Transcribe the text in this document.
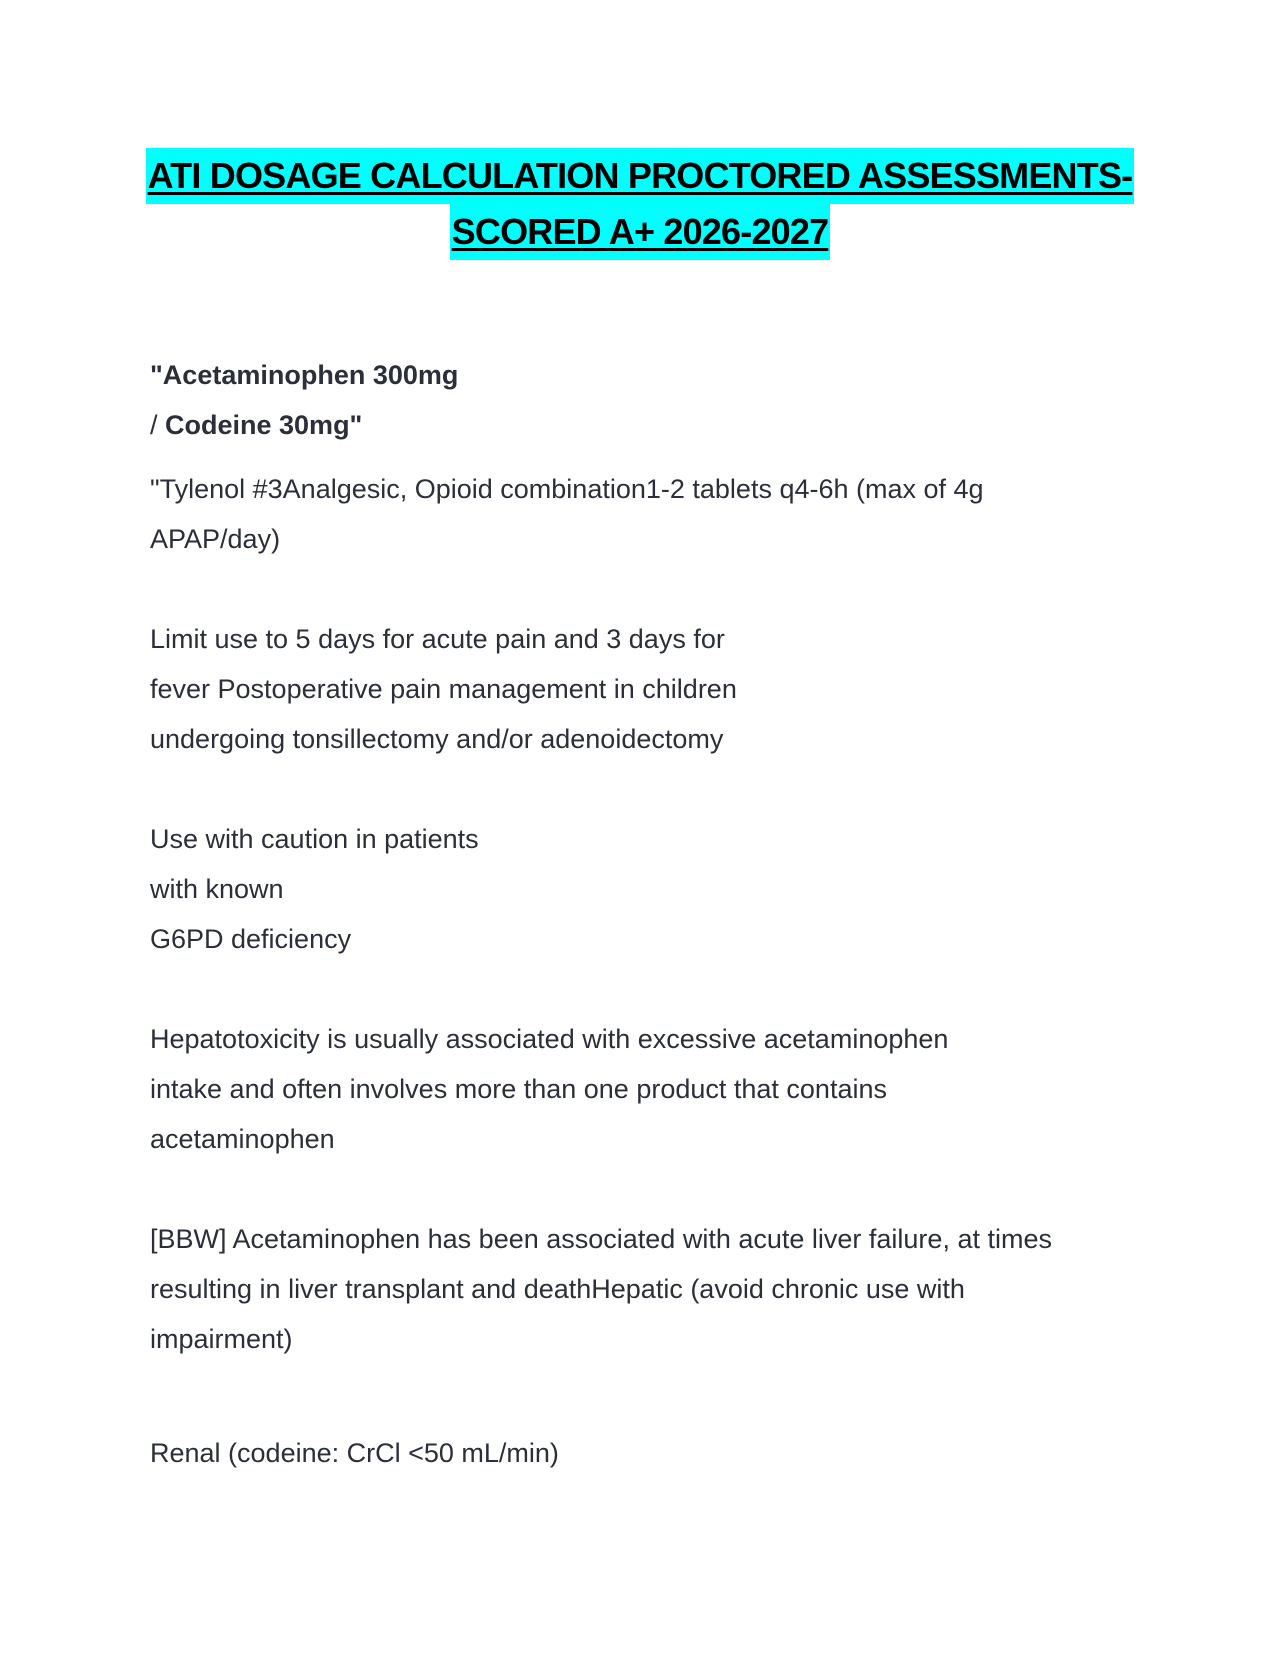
ATI DOSAGE CALCULATION PROCTORED ASSESSMENTS-
SCORED A+ 2026-2027
"Acetaminophen 300mg
/ Codeine 30mg"
"Tylenol #3Analgesic, Opioid combination1-2 tablets q4-6h (max of 4g
APAP/day)
Limit use to 5 days for acute pain and 3 days for
fever Postoperative pain management in children
undergoing tonsillectomy and/or adenoidectomy
Use with caution in patients
with known
G6PD deficiency
Hepatotoxicity is usually associated with excessive acetaminophen
intake and often involves more than one product that contains
acetaminophen
[BBW] Acetaminophen has been associated with acute liver failure, at times
resulting in liver transplant and deathHepatic (avoid chronic use with
impairment)
Renal (codeine: CrCl <50 mL/min)
